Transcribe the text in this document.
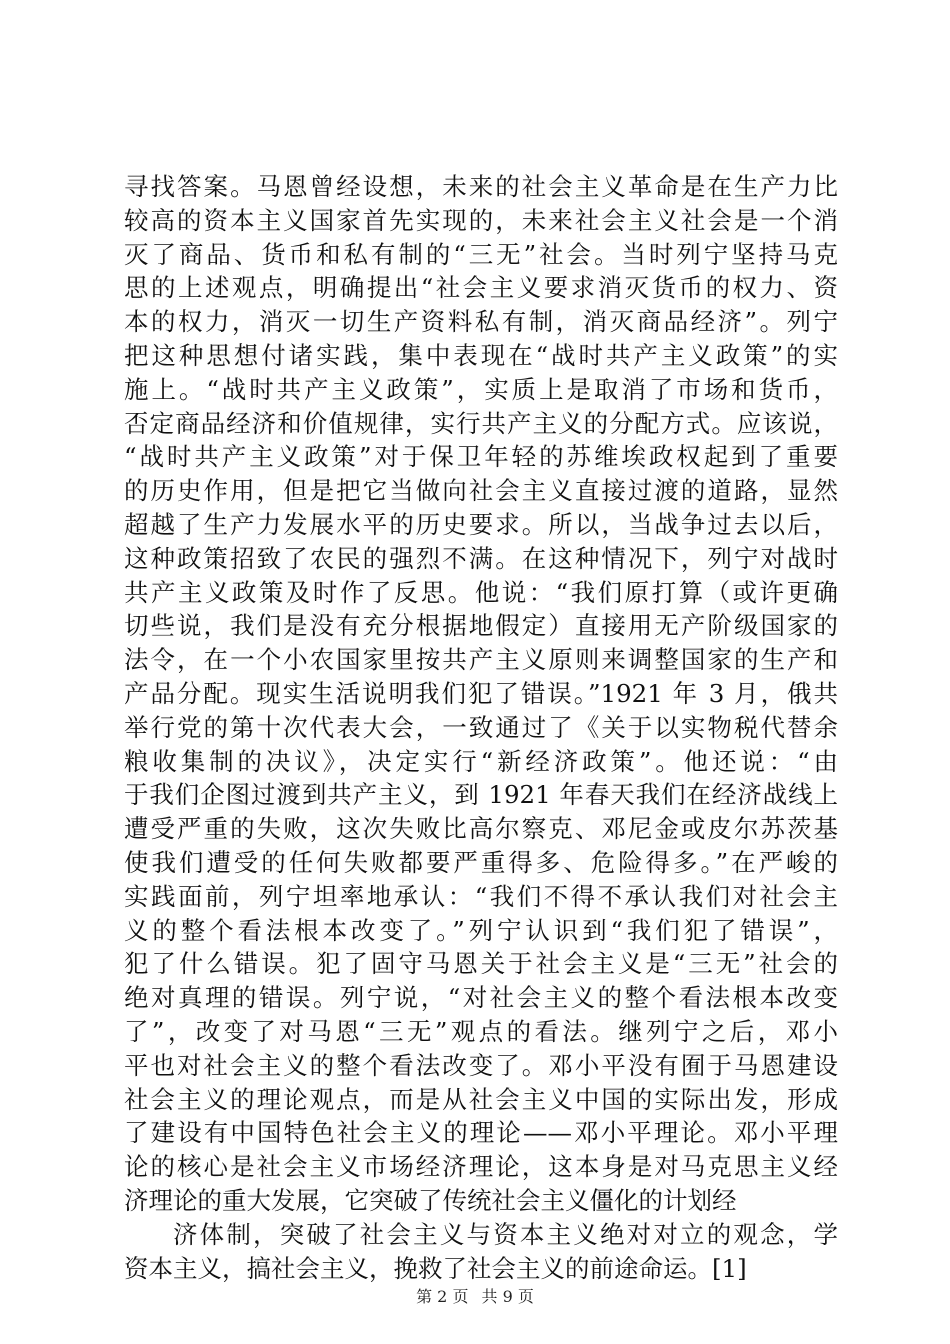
寻找答案。马恩曾经设想，未来的社会主义革命是在生产力比
较高的资本主义国家首先实现的，未来社会主义社会是一个消
灭了商品、货币和私有制的“三无”社会。当时列宁坚持马克
思的上述观点，明确提出“社会主义要求消灭货币的权力、资
本的权力，消灭一切生产资料私有制，消灭商品经济”。列宁
把这种思想付诸实践，集中表现在“战时共产主义政策”的实
施上。“战时共产主义政策”，实质上是取消了市场和货币，
否定商品经济和价值规律，实行共产主义的分配方式。应该说，
“战时共产主义政策”对于保卫年轻的苏维埃政权起到了重要
的历史作用，但是把它当做向社会主义直接过渡的道路，显然
超越了生产力发展水平的历史要求。所以，当战争过去以后，
这种政策招致了农民的强烈不满。在这种情况下，列宁对战时
共产主义政策及时作了反思。他说：“我们原打算（或许更确
切些说，我们是没有充分根据地假定）直接用无产阶级国家的
法令，在一个小农国家里按共产主义原则来调整国家的生产和
产品分配。现实生活说明我们犯了错误。”1921 年 3 月，俄共
举行党的第十次代表大会，一致通过了《关于以实物税代替余
粮收集制的决议》，决定实行“新经济政策”。他还说：“由
于我们企图过渡到共产主义，到 1921 年春天我们在经济战线上
遭受严重的失败，这次失败比高尔察克、邓尼金或皮尔苏茨基
使我们遭受的任何失败都要严重得多、危险得多。”在严峻的
实践面前，列宁坦率地承认：“我们不得不承认我们对社会主
义的整个看法根本改变了。”列宁认识到“我们犯了错误”，
犯了什么错误。犯了固守马恩关于社会主义是“三无”社会的
绝对真理的错误。列宁说，“对社会主义的整个看法根本改变
了”，改变了对马恩“三无”观点的看法。继列宁之后，邓小
平也对社会主义的整个看法改变了。邓小平没有囿于马恩建设
社会主义的理论观点，而是从社会主义中国的实际出发，形成
了建设有中国特色社会主义的理论——邓小平理论。邓小平理
论的核心是社会主义市场经济理论，这本身是对马克思主义经
济理论的重大发展，它突破了传统社会主义僵化的计划经
济体制，突破了社会主义与资本主义绝对对立的观念，学
资本主义，搞社会主义，挽救了社会主义的前途命运。[1]
第 2 页 共 9 页
